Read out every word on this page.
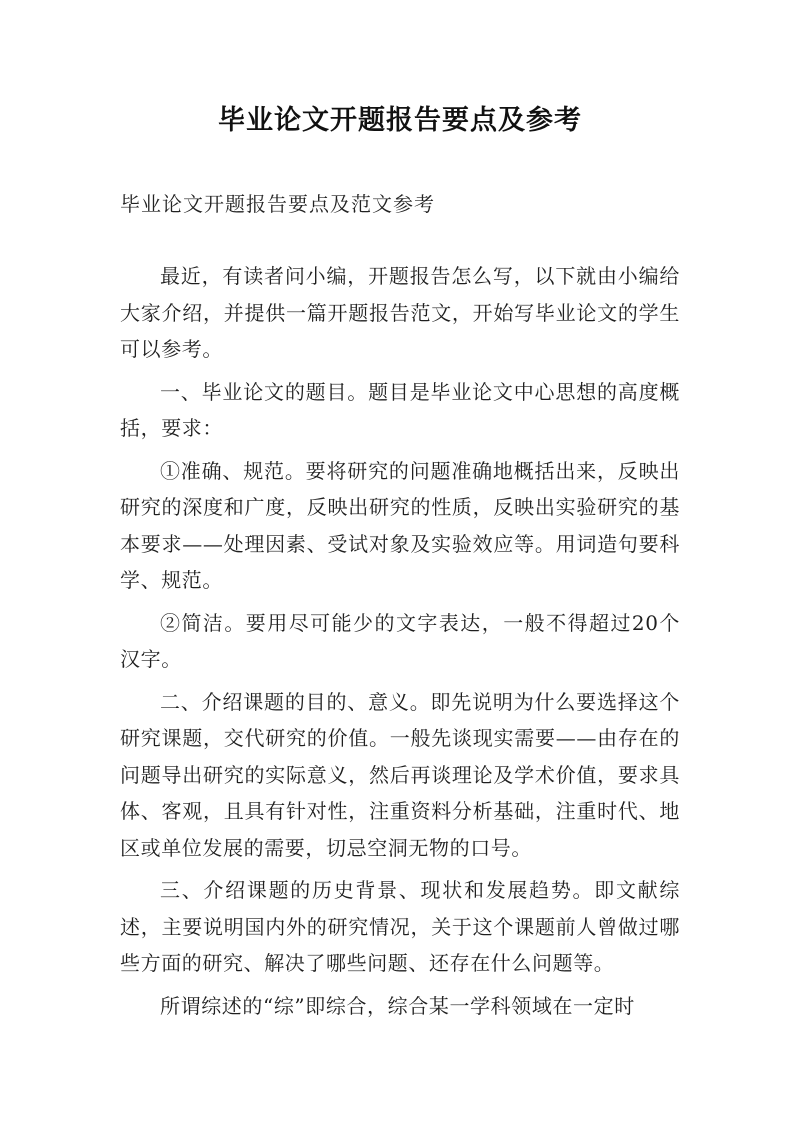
毕业论文开题报告要点及参考

毕业论文开题报告要点及范文参考

最近，有读者问小编，开题报告怎么写，以下就由小编给大家介绍，并提供一篇开题报告范文，开始写毕业论文的学生可以参考。

一、毕业论文的题目。题目是毕业论文中心思想的高度概括，要求：

①准确、规范。要将研究的问题准确地概括出来，反映出研究的深度和广度，反映出研究的性质，反映出实验研究的基本要求——处理因素、受试对象及实验效应等。用词造句要科学、规范。

②简洁。要用尽可能少的文字表达，一般不得超过20个汉字。

二、介绍课题的目的、意义。即先说明为什么要选择这个研究课题，交代研究的价值。一般先谈现实需要——由存在的问题导出研究的实际意义，然后再谈理论及学术价值，要求具体、客观，且具有针对性，注重资料分析基础，注重时代、地区或单位发展的需要，切忌空洞无物的口号。

三、介绍课题的历史背景、现状和发展趋势。即文献综述，主要说明国内外的研究情况，关于这个课题前人曾做过哪些方面的研究、解决了哪些问题、还存在什么问题等。

所谓综述的“综”即综合，综合某一学科领域在一定时
